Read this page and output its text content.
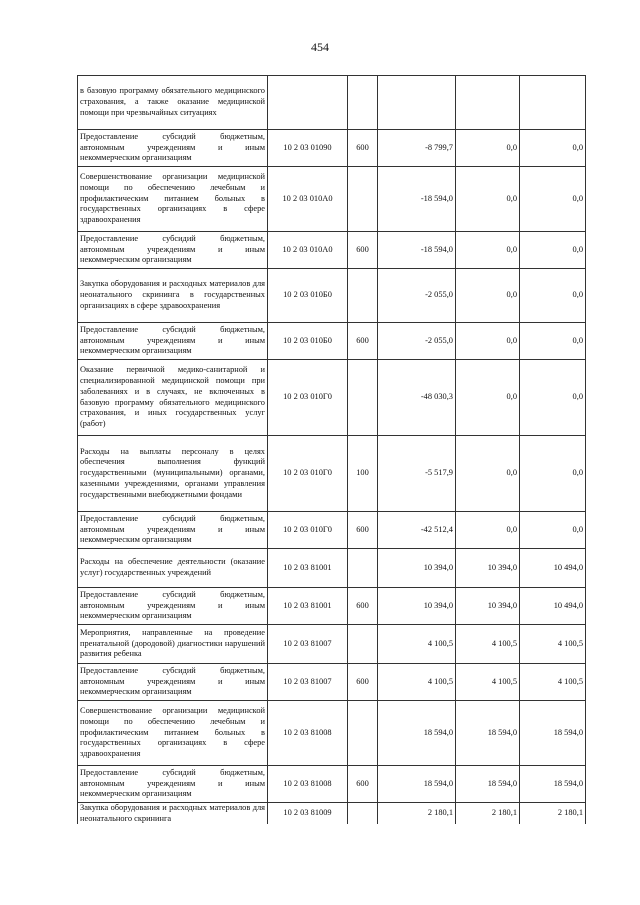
454
в базовую программу обязательного медицинского страхования, а также оказание медицинской помощи при чрезвычайных ситуациях					
Предоставление субсидий бюджетным, автономным учреждениям и иным некоммерческим организациям	10 2 03 01090	600	-8 799,7	0,0	0,0
Совершенствование организации медицинской помощи по обеспечению лечебным и профилактическим питанием больных в государственных организациях в сфере здравоохранения	10 2 03 010А0		-18 594,0	0,0	0,0
Предоставление субсидий бюджетным, автономным учреждениям и иным некоммерческим организациям	10 2 03 010А0	600	-18 594,0	0,0	0,0
Закупка оборудования и расходных материалов для неонатального скрининга в государственных организациях в сфере здравоохранения	10 2 03 010Б0		-2 055,0	0,0	0,0
Предоставление субсидий бюджетным, автономным учреждениям и иным некоммерческим организациям	10 2 03 010Б0	600	-2 055,0	0,0	0,0
Оказание первичной медико-санитарной и специализированной медицинской помощи при заболеваниях и в случаях, не включенных в базовую программу обязательного медицинского страхования, и иных государственных услуг (работ)	10 2 03 010Г0		-48 030,3	0,0	0,0
Расходы на выплаты персоналу в целях обеспечения выполнения функций государственными (муниципальными) органами, казенными учреждениями, органами управления государственными внебюджетными фондами	10 2 03 010Г0	100	-5 517,9	0,0	0,0
Предоставление субсидий бюджетным, автономным учреждениям и иным некоммерческим организациям	10 2 03 010Г0	600	-42 512,4	0,0	0,0
Расходы на обеспечение деятельности (оказание услуг) государственных учреждений	10 2 03 81001		10 394,0	10 394,0	10 494,0
Предоставление субсидий бюджетным, автономным учреждениям и иным некоммерческим организациям	10 2 03 81001	600	10 394,0	10 394,0	10 494,0
Мероприятия, направленные на проведение пренатальной (дородовой) диагностики нарушений развития ребенка	10 2 03 81007		4 100,5	4 100,5	4 100,5
Предоставление субсидий бюджетным, автономным учреждениям и иным некоммерческим организациям	10 2 03 81007	600	4 100,5	4 100,5	4 100,5
Совершенствование организации медицинской помощи по обеспечению лечебным и профилактическим питанием больных в государственных организациях в сфере здравоохранения	10 2 03 81008		18 594,0	18 594,0	18 594,0
Предоставление субсидий бюджетным, автономным учреждениям и иным некоммерческим организациям	10 2 03 81008	600	18 594,0	18 594,0	18 594,0
Закупка оборудования и расходных материалов для неонатального скрининга	10 2 03 81009		2 180,1	2 180,1	2 180,1
